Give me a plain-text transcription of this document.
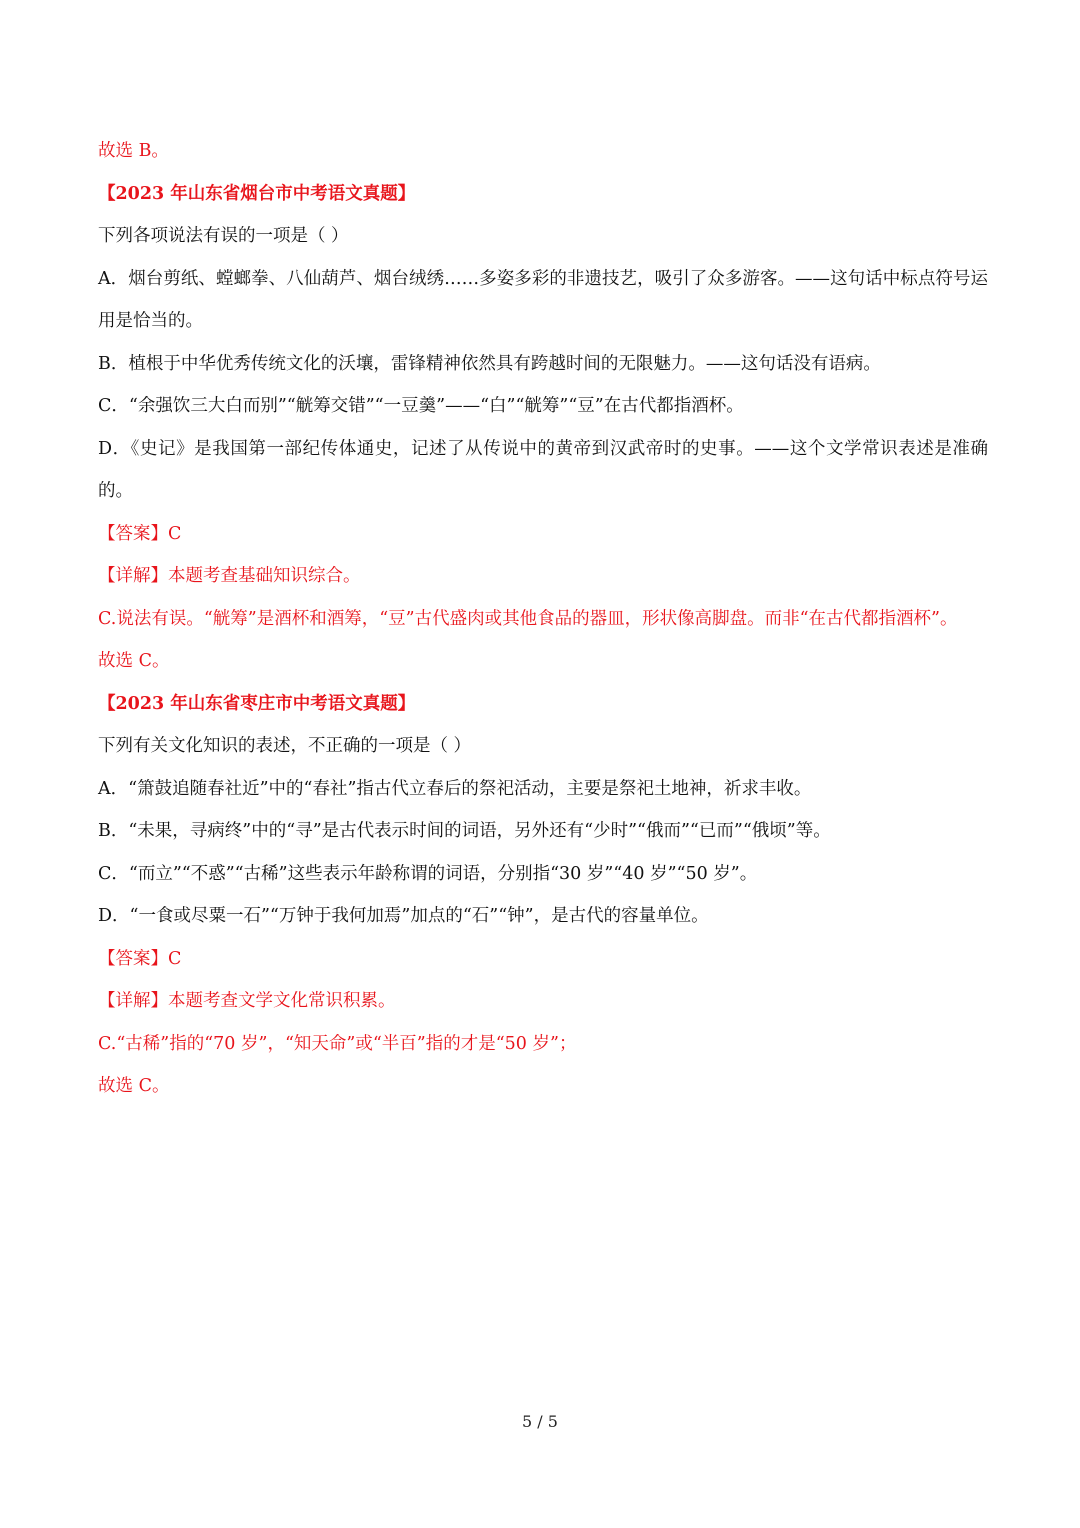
故选 B。

【2023 年山东省烟台市中考语文真题】

下列各项说法有误的一项是（ ）

A．烟台剪纸、螳螂拳、八仙葫芦、烟台绒绣……多姿多彩的非遗技艺，吸引了众多游客。——这句话中标点符号运用是恰当的。

B．植根于中华优秀传统文化的沃壤，雷锋精神依然具有跨越时间的无限魅力。——这句话没有语病。

C．“余强饮三大白而别”“觥筹交错”“一豆羹”——“白”“觥筹”“豆”在古代都指酒杯。

D．《史记》是我国第一部纪传体通史，记述了从传说中的黄帝到汉武帝时的史事。——这个文学常识表述是准确的。

【答案】C

【详解】本题考查基础知识综合。

C.说法有误。“觥筹”是酒杯和酒筹，“豆”古代盛肉或其他食品的器皿，形状像高脚盘。而非“在古代都指酒杯”。

故选 C。

【2023 年山东省枣庄市中考语文真题】

下列有关文化知识的表述，不正确的一项是（ ）

A．“箫鼓追随春社近”中的“春社”指古代立春后的祭祀活动，主要是祭祀土地神，祈求丰收。

B．“未果，寻病终”中的“寻”是古代表示时间的词语，另外还有“少时”“俄而”“已而”“俄顷”等。

C．“而立”“不惑”“古稀”这些表示年龄称谓的词语，分别指“30 岁”“40 岁”“50 岁”。

D．“一食或尽粟一石”“万钟于我何加焉”加点的“石”“钟”，是古代的容量单位。

【答案】C

【详解】本题考查文学文化常识积累。

C.“古稀”指的“70 岁”，“知天命”或“半百”指的才是“50 岁”；

故选 C。

5 / 5
